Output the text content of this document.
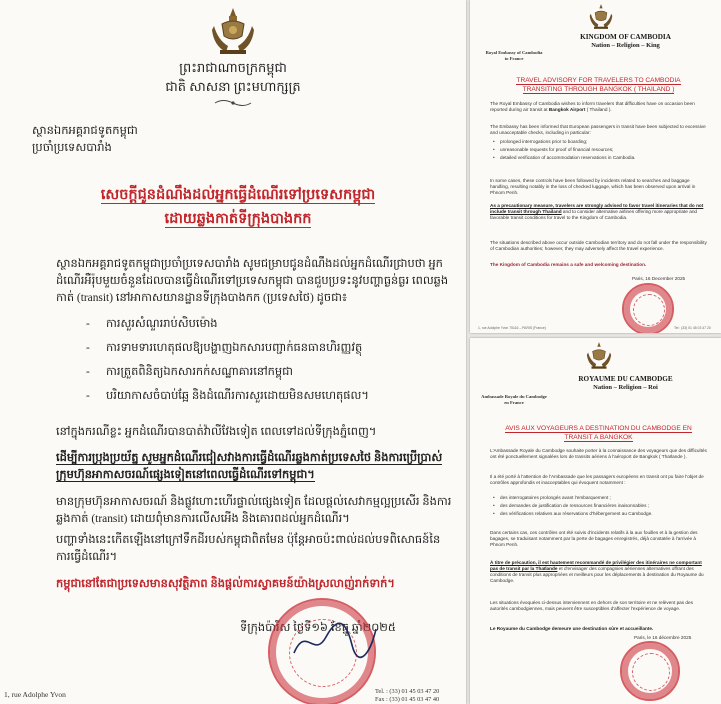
ព្រះរាជាណាចក្រកម្ពុជា
ជាតិ សាសនា ព្រះមហាក្សត្រ
ស្ថានឯកអគ្គរាជទូតកម្ពុជា
ប្រចាំប្រទេសបារាំង
សេចក្តីជូនដំណឹងដល់អ្នកធ្វើដំណើរទៅប្រទេសកម្ពុជា
ដោយឆ្លងកាត់ទីក្រុងបាងកក
ស្ថានឯកអគ្គរាជទូតកម្ពុជាប្រចាំប្រទេសបារាំង សូមជម្រាបជូនដំណឹងដល់អ្នកដំណើរជ្រាបថា អ្នកដំណើរអឺរ៉ុបមួយចំនួនដែលបានធ្វើដំណើរទៅប្រទេសកម្ពុជា បានជួបប្រទះនូវបញ្ហាធ្ងន់ធ្ងរ ពេលឆ្លងកាត់ (transit) នៅអាកាសយានដ្ឋានទីក្រុងបាងកក (ប្រទេសថៃ) ដូចជា៖
- ការសួរសំណួររាប់សិបម៉ោង
- ការទាមទារហេតុផលឱ្យបង្ហាញឯកសារបញ្ជាក់ធនធានហិរញ្ញវត្ថុ
- ការត្រួតពិនិត្យឯកសារកក់សណ្ឋាគារនៅកម្ពុជា
- បរិយាកាសចំបាប់ឆ្អែ និងដំណើរការសួរដោយមិនសមហេតុផល។
នៅក្នុងករណីខ្លះ អ្នកដំណើរបានបាត់វ៉ាលីវែងទៀត ពេលទៅដល់ទីក្រុងភ្នំពេញ។
ដើម្បីការប្រុងប្រយ័ត្ន សូមអ្នកដំណើរជៀសវាងការធ្វើដំណើរឆ្លងកាត់ប្រទេសថៃ និងការប្រើប្រាស់ក្រុមហ៊ុនអាកាសចរណ៍ផ្សេងទៀតនៅពេលធ្វើដំណើរទៅកម្ពុជា។
មានក្រុមហ៊ុនអាកាសចរណ៍ និងផ្លូវហោះហើរផ្ទាល់ផ្សេងទៀត ដែលផ្តល់សេវាកម្មល្អប្រសើរ និងការឆ្លងកាត់ (transit) ដោយពុំមានការលើសអើង និងគោរពដល់អ្នកដំណើរ។
បញ្ហាទាំងនេះកើតឡើងនៅក្រៅទឹកដីរបស់កម្ពុជាពិតមែន ប៉ុន្តែអាចប៉ះពាល់ដល់បទពិសោធន៍នៃការធ្វើដំណើរ។
កម្ពុជានៅតែជាប្រទេសមានសុវត្ថិភាព និងផ្តល់ការស្វាគមន៍យ៉ាងស្រលាញ់រាក់ទាក់។
ទីក្រុងប៉ារីស ថ្ងៃទី១៦ ខែធ្នូ ឆ្នាំ២០២៥
1, rue Adolphe Yvon	Tel. : (33) 01 45 03 47 20
Fax : (33) 01 45 03 47 40
KINGDOM OF CAMBODIA
Nation – Religion – King
Royal Embassy of Cambodia
to France
TRAVEL ADVISORY FOR TRAVELERS TO CAMBODIA
TRANSITING THROUGH BANGKOK ( THAILAND )
The Royal Embassy of Cambodia wishes to inform travelers that difficulties have on occasion been reported during air transit at Bangkok Airport ( Thailand ).
The Embassy has been informed that European passengers in transit have been subjected to excessive and unacceptable checks, including in particular:
• prolonged interrogations prior to boarding;
• unreasonable requests for proof of financial resources;
• detailed verification of accommodation reservations in Cambodia.
In some cases, these controls have been followed by incidents related to searches and baggage handling, resulting notably in the loss of checked luggage, which has been observed upon arrival in Phnom Penh.
As a precautionary measure, travelers are strongly advised to favor travel itineraries that do not include transit through Thailand and to consider alternative airlines offering more appropriate and favorable transit conditions for travel to the Kingdom of Cambodia.
The situations described above occur outside Cambodian territory and do not fall under the responsibility of Cambodian authorities; however, they may adversely affect the travel experience.
The Kingdom of Cambodia remains a safe and welcoming destination.
Paris, 16 December 2025
1, rue Adolphe Yvon 75116 – PARIS (France)	Tel : (33) 01 45 03 47 20
ROYAUME DU CAMBODGE
Nation – Religion – Roi
Ambassade Royale du Cambodge
en France
AVIS AUX VOYAGEURS A DESTINATION DU CAMBODGE EN
TRANSIT A BANGKOK
L'Ambassade Royale du Cambodge souhaite porter à la connaissance des voyageurs que des difficultés ont été ponctuellement signalées lors de transits aériens à l'aéroport de Bangkok ( Thaïlande ).
Il a été porté à l'attention de l'Ambassade que les passagers européens en transit ont pu faire l'objet de contrôles approfondis et inacceptables qui évoquent notamment :
• des interrogatoires prolongés avant l'embarquement ;
• des demandes de justification de ressources financières inaisonnables ;
• des vérifications relatives aux réservations d'hébergement au Cambodge.
Dans certains cas, ces contrôles ont été suivis d'incidents relatifs à la aux fouilles et à la gestion des bagages, se traduisant notamment par la perte de bagages enregistrés, déjà constatée à l'arrivée à Phnom Penh.
À titre de précaution, il est hautement recommandé de privilégier des itinéraires ne comportant pas de transit par la Thaïlande et d'envisager des compagnies aériennes alternatives offrant des conditions de transit plus appropriées et meilleurs pour les déplacements à destination du Royaume du Cambodge.
Les situations évoquées ci-dessus interviennent en dehors de son territoire et ne relèvent pas des autorités cambodgiennes, mais peuvent être susceptibles d'affecter l'expérience de voyage.
Le Royaume du Cambodge demeure une destination sûre et accueillante.
Paris, le 16 décembre 2025
